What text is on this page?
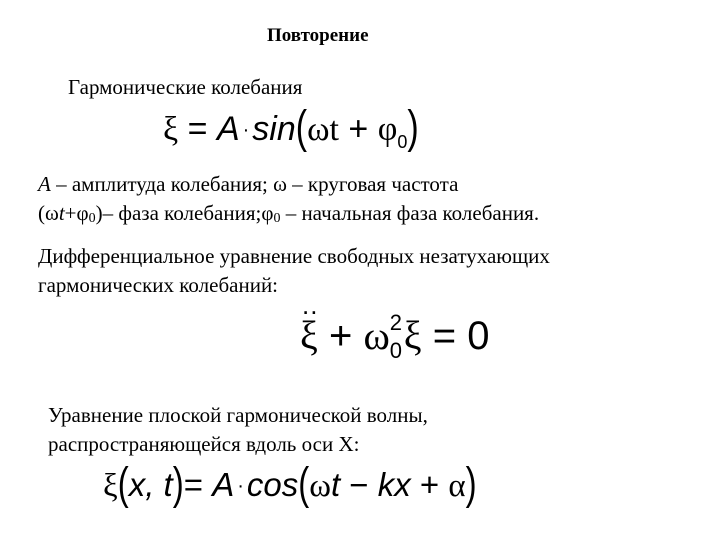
Повторение
Гармонические колебания
$\xi = A \cdot\sin(\omega t + \varphi_0)$
A – амплитуда колебания; ω – круговая частота
(ωt+φ0)– фаза колебания;φ0 – начальная фаза колебания.
Дифференциальное уравнение свободных незатухающих
гармонических колебаний:
.. ξ + ω 2
0 ξ = 0
Уравнение плоской гармонической волны,
распространяющейся вдоль оси X:
ξ(x, t)= A ·cos(ωt − kx + α)
